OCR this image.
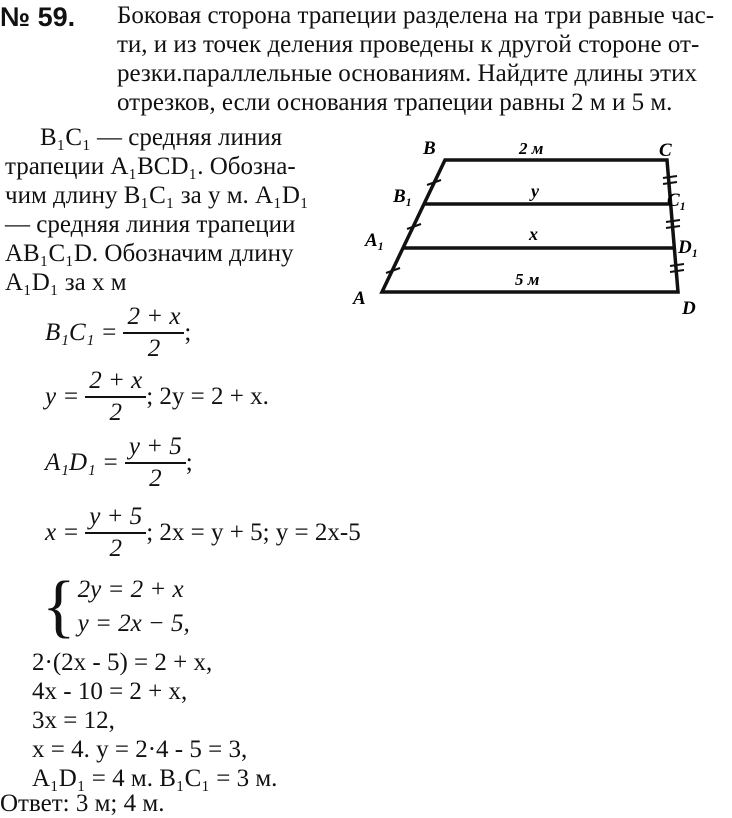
№ 59. Боковая сторона трапеции разделена на три равные час-
ти, и из точек деления проведены к другой стороне от-
резки.параллельные основаниям. Найдите длины этих
отрезков, если основания трапеции равны 2 м и 5 м.
B₁C₁ — средняя линия
трапеции A₁BCD₁. Обозна-
чим длину B₁C₁ за y м. A₁D₁
— средняя линия трапеции
AB₁C₁D. Обозначим длину
A₁D₁ за x м
B	C
B₁	C₁
A₁	D₁
A	D
2 м
y
x
5 м
$B_1C_1 = \frac{2 + x}{2}$ ;
$y = \frac{2 + x}{2}$ ; 2y = 2 + x.
$A_1D_1 = \frac{y + 5}{2}$ ;
$x = \frac{y + 5}{2}$ ; 2x = y + 5; y = 2x-5
{ 2y = 2 + x
y = 2x − 5,
2·(2x - 5) = 2 + x,
4x - 10 = 2 + x,
3x = 12,
x = 4. y = 2·4 - 5 = 3,
A₁D₁ = 4 м. B₁C₁ = 3 м.
Ответ: 3 м; 4 м.
